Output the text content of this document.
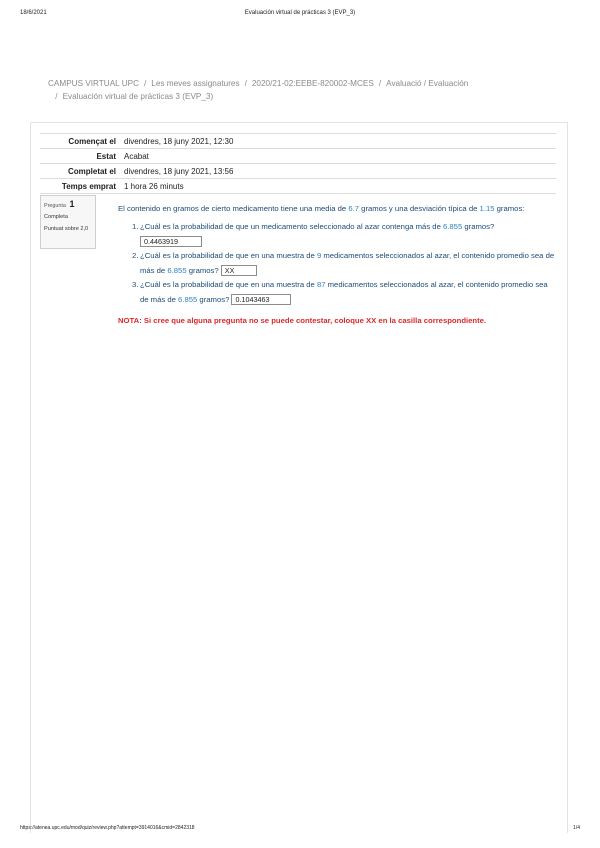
18/6/2021	Evaluación virtual de prácticas 3 (EVP_3)
CAMPUS VIRTUAL UPC / Les meves assignatures / 2020/21-02:EEBE-820002-MCES / Avaluació / Evaluación
/ Evaluación virtual de prácticas 3 (EVP_3)
Començat el	divendres, 18 juny 2021, 12:30
Estat	Acabat
Completat el	divendres, 18 juny 2021, 13:56
Temps emprat	1 hora 26 minuts
Pregunta 1
Completa
Puntuat sobre 2,0

El contenido en gramos de cierto medicamento tiene una media de 6.7 gramos y una desviación típica de 1.15 gramos:

1. ¿Cuál es la probabilidad de que un medicamento seleccionado al azar contenga más de 6.855 gramos?
0.4463919
2. ¿Cuál es la probabilidad de que en una muestra de 9 medicamentos seleccionados al azar, el contenido promedio sea de más de 6.855 gramos? XX
3. ¿Cuál es la probabilidad de que en una muestra de 87 medicamentos seleccionados al azar, el contenido promedio sea de más de 6.855 gramos? 0.1043463
NOTA: Si cree que alguna pregunta no se puede contestar, coloque XX en la casilla correspondiente.
https://atenea.upc.edu/mod/quiz/review.php?attempt=3914016&cmid=2842318	1/4
